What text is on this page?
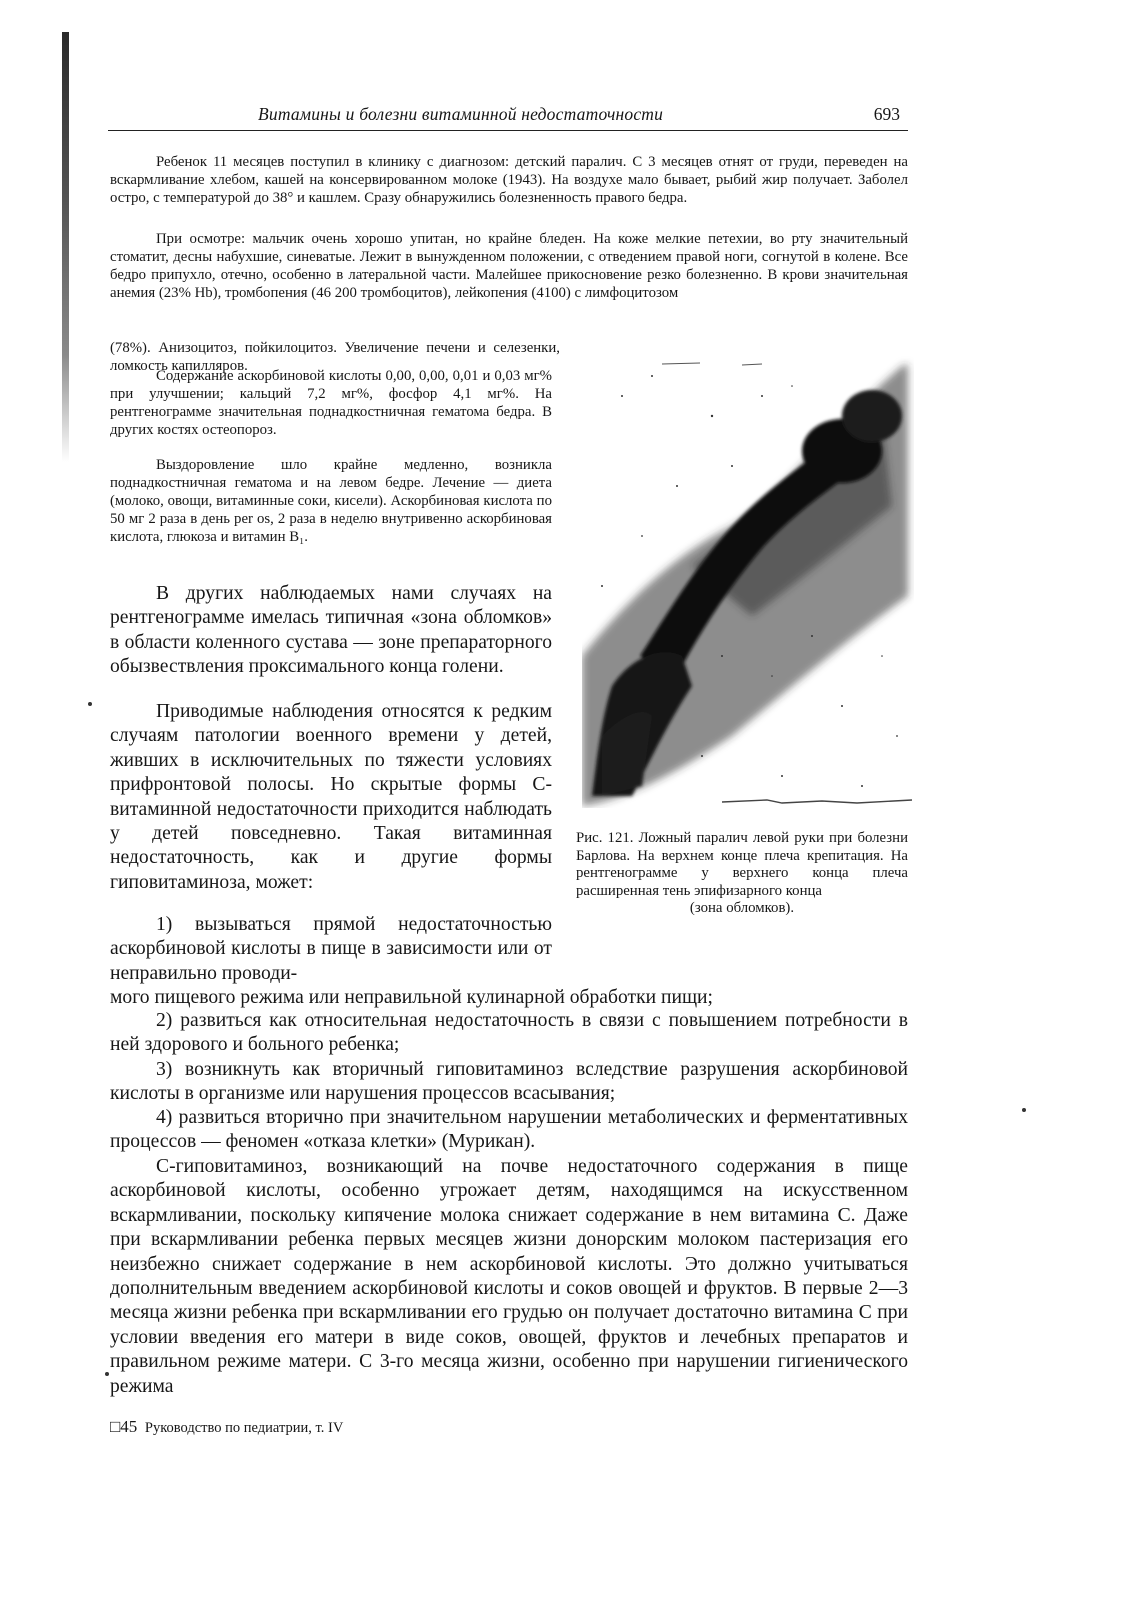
Витамины и болезни витаминной недостаточности	693

Ребенок 11 месяцев поступил в клинику с диагнозом: детский паралич. С 3 месяцев отнят от груди, переведен на вскармливание хлебом, кашей на консервированном молоке (1943). На воздухе мало бывает, рыбий жир получает. Заболел остро, с температурой до 38° и кашлем. Сразу обнаружились болезненность правого бедра.

При осмотре: мальчик очень хорошо упитан, но крайне бледен. На коже мелкие петехии, во рту значительный стоматит, десны набухшие, синеватые. Лежит в вынужденном положении, с отведением правой ноги, согнутой в колене. Все бедро припухло, отечно, особенно в латеральной части. Малейшее прикосновение резко болезненно. В крови значительная анемия (23% Hb), тромбопения (46 200 тромбоцитов), лейкопения (4100) с лимфоцитозом

(78%). Анизоцитоз, пойкилоцитоз. Увеличение печени и селезенки, ломкость капилляров.

Содержание аскорбиновой кислоты 0,00, 0,00, 0,01 и 0,03 мг% при улучшении; кальций 7,2 мг%, фосфор 4,1 мг%. На рентгенограмме значительная поднадкостничная гематома бедра. В других костях остеопороз.

Выздоровление шло крайне медленно, возникла поднадкостничная гематома и на левом бедре. Лечение — диета (молоко, овощи, витаминные соки, кисели). Аскорбиновая кислота по 50 мг 2 раза в день per os, 2 раза в неделю внутривенно аскорбиновая кислота, глюкоза и витамин B₁.

В других наблюдаемых нами случаях на рентгенограмме имелась типичная «зона обломков» в области коленного сустава — зоне препараторного обызвествления проксимального конца голени.

Приводимые наблюдения относятся к редким случаям патологии военного времени у детей, живших в исключительных по тяжести условиях прифронтовой полосы. Но скрытые формы С-витаминной недостаточности приходится наблюдать у детей повседневно. Такая витаминная недостаточность, как и другие формы гиповитаминоза, может:

1) вызываться прямой недостаточностью аскорбиновой кислоты в пище в зависимости или от неправильно проводи-

мого пищевого режима или неправильной кулинарной обработки пищи;

2) развиться как относительная недостаточность в связи с повышением потребности в ней здорового и больного ребенка;

3) возникнуть как вторичный гиповитаминоз вследствие разрушения аскорбиновой кислоты в организме или нарушения процессов всасывания;

4) развиться вторично при значительном нарушении метаболических и ферментативных процессов — феномен «отказа клетки» (Мурикан).

С-гиповитаминоз, возникающий на почве недостаточного содержания в пище аскорбиновой кислоты, особенно угрожает детям, находящимся на искусственном вскармливании, поскольку кипячение молока снижает содержание в нем витамина С. Даже при вскармливании ребенка первых месяцев жизни донорским молоком пастеризация его неизбежно снижает содержание в нем аскорбиновой кислоты. Это должно учитываться дополнительным введением аскорбиновой кислоты и соков овощей и фруктов. В первые 2—3 месяца жизни ребенка при вскармливании его грудью он получает достаточно витамина С при условии введения его матери в виде соков, овощей, фруктов и лечебных препаратов и правильном режиме матери. С 3-го месяца жизни, особенно при нарушении гигиенического режима

Рис. 121. Ложный паралич левой руки при болезни Барлова. На верхнем конце плеча крепитация. На рентгенограмме у верхнего конца плеча расширенная тень эпифизарного конца
(зона обломков).

□45 Руководство по педиатрии, т. IV
